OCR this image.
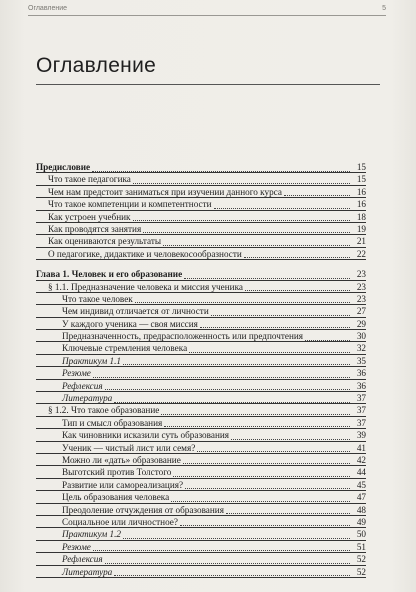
Оглавление	5
Оглавление
Предисловие	15
Что такое педагогика	15
Чем нам предстоит заниматься при изучении данного курса	16
Что такое компетенции и компетентности	16
Как устроен учебник	18
Как проводятся занятия	19
Как оцениваются результаты	21
О педагогике, дидактике и человекосообразности	22
Глава 1. Человек и его образование	23
§ 1.1. Предназначение человека и миссия ученика	23
Что такое человек	23
Чем индивид отличается от личности	27
У каждого ученика — своя миссия	29
Предназначенность, предрасположенность или предпочтения	30
Ключевые стремления человека	32
Практикум 1.1	35
Резюме	36
Рефлексия	36
Литература	37
§ 1.2. Что такое образование	37
Тип и смысл образования	37
Как чиновники исказили суть образования	39
Ученик — чистый лист или семя?	41
Можно ли «дать» образование	42
Выготский против Толстого	44
Развитие или самореализация?	45
Цель образования человека	47
Преодоление отчуждения от образования	48
Социальное или личностное?	49
Практикум 1.2	50
Резюме	51
Рефлексия	52
Литература	52
